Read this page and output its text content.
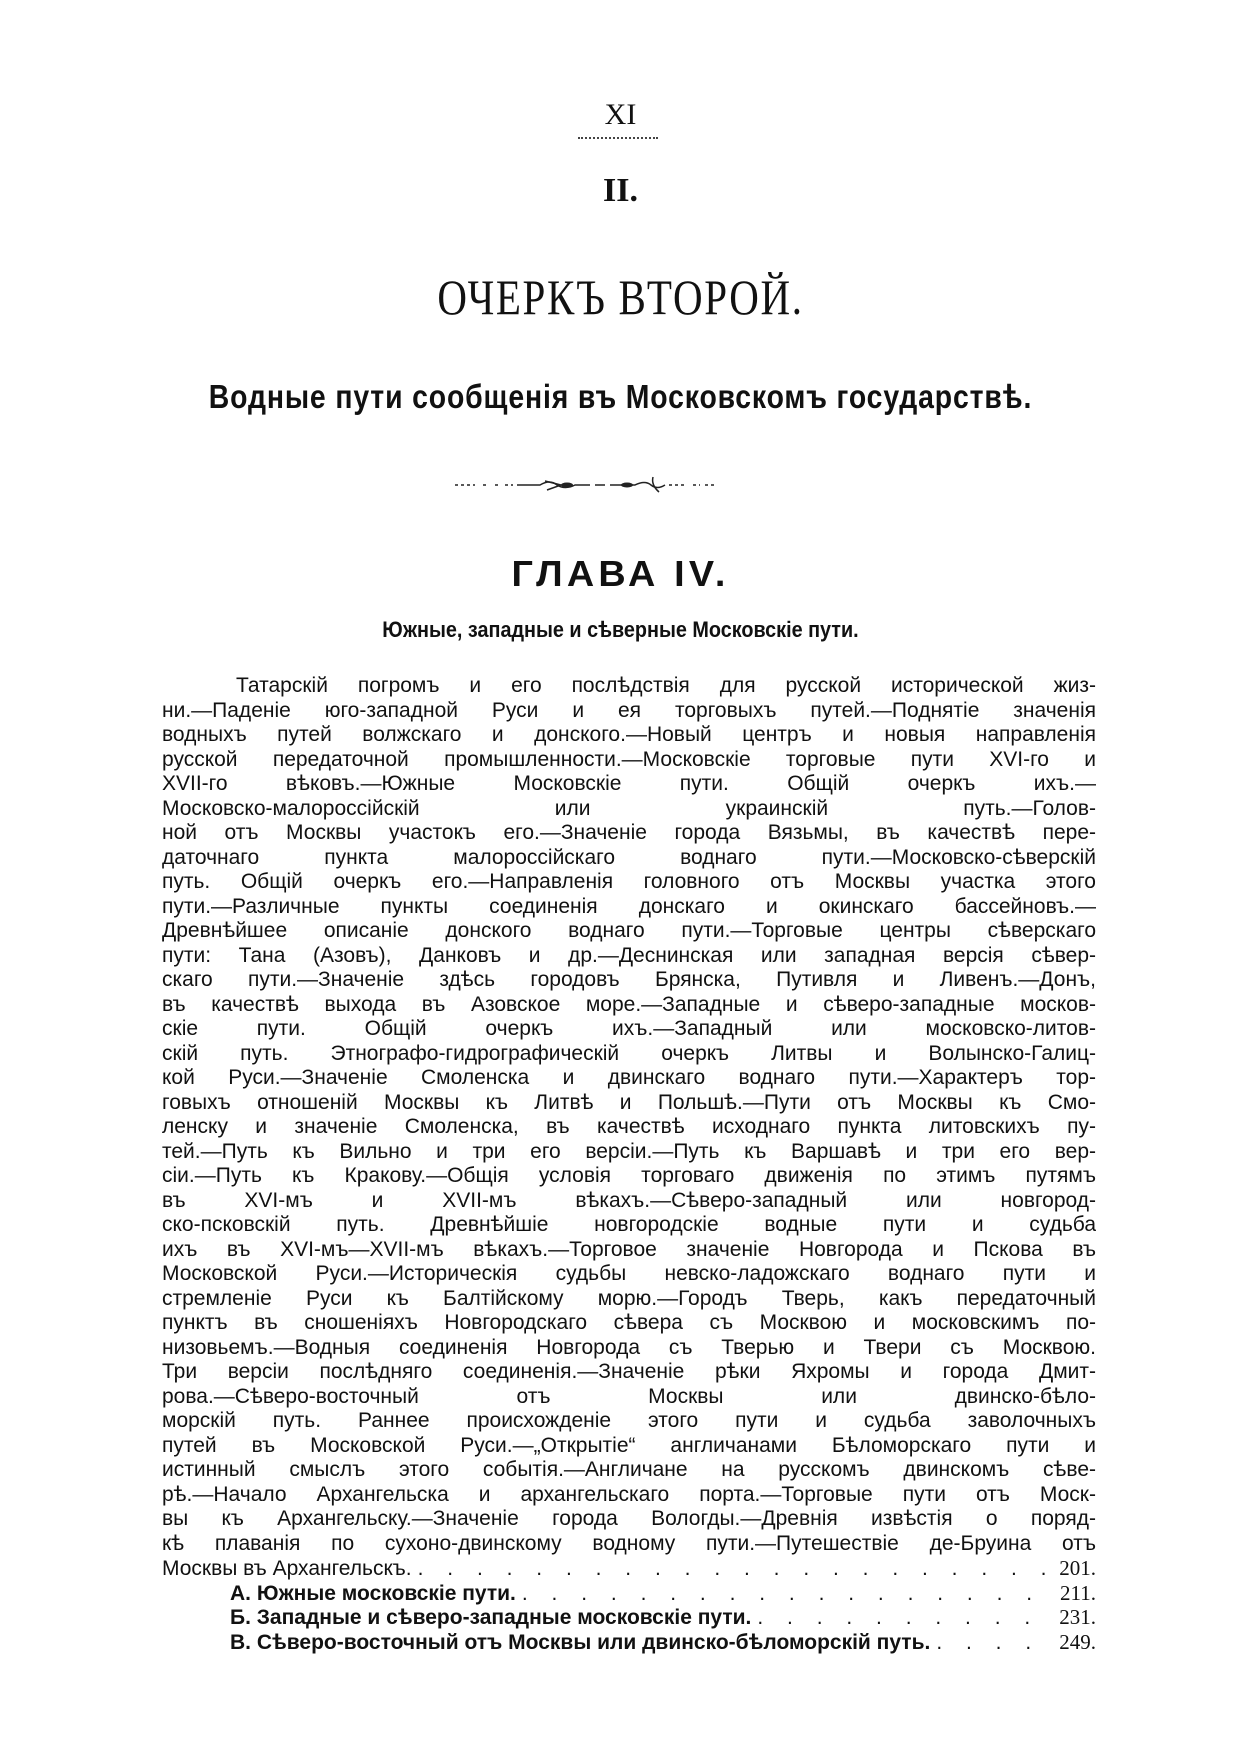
XI
II.
ОЧЕРКЪ ВТОРОЙ.
Водные пути сообщенія въ Московскомъ государствѣ.
ГЛАВА IV.
Южные, западные и сѣверные Московскіе пути.
Татарскій погромъ и его послѣдствія для русской исторической жиз-
ни.—Паденіе юго-западной Руси и ея торговыхъ путей.—Поднятіе значенія
водныхъ путей волжскаго и донского.—Новый центръ и новыя направленія
русской передаточной промышленности.—Московскіе торговые пути XVI-го и
XVII-го вѣковъ.—Южные Московскіе пути. Общій очеркъ ихъ.—
Московско-малороссійскій или украинскій путь.—Голов-
ной отъ Москвы участокъ его.—Значеніе города Вязьмы, въ качествѣ пере-
даточнаго пункта малороссійскаго воднаго пути.—Московско-сѣверскій
путь. Общій очеркъ его.—Направленія головного отъ Москвы участка этого
пути.—Различные пункты соединенія донскаго и окинскаго бассейновъ.—
Древнѣйшее описаніе донского воднаго пути.—Торговые центры сѣверскаго
пути: Тана (Азовъ), Данковъ и др.—Деснинская или западная версія сѣвер-
скаго пути.—Значеніе здѣсь городовъ Брянска, Путивля и Ливенъ.—Донъ,
въ качествѣ выхода въ Азовское море.—Западные и сѣверо-западные москов-
скіе пути. Общій очеркъ ихъ.—Западный или московско-литов-
скій путь. Этнографо-гидрографическій очеркъ Литвы и Волынско-Галиц-
кой Руси.—Значеніе Смоленска и двинскаго воднаго пути.—Характеръ тор-
говыхъ отношеній Москвы къ Литвѣ и Польшѣ.—Пути отъ Москвы къ Смо-
ленску и значеніе Смоленска, въ качествѣ исходнаго пункта литовскихъ пу-
тей.—Путь къ Вильно и три его версіи.—Путь къ Варшавѣ и три его вер-
сіи.—Путь къ Кракову.—Общія условія торговаго движенія по этимъ путямъ
въ XVI-мъ и XVII-мъ вѣкахъ.—Сѣверо-западный или новгород-
ско-псковскій путь. Древнѣйшіе новгородскіе водные пути и судьба
ихъ въ XVI-мъ—XVII-мъ вѣкахъ.—Торговое значеніе Новгорода и Пскова въ
Московской Руси.—Историческія судьбы невско-ладожскаго воднаго пути и
стремленіе Руси къ Балтійскому морю.—Городъ Тверь, какъ передаточный
пунктъ въ сношеніяхъ Новгородскаго сѣвера съ Москвою и московскимъ по-
низовьемъ.—Водныя соединенія Новгорода съ Тверью и Твери съ Москвою.
Три версіи послѣдняго соединенія.—Значеніе рѣки Яхромы и города Дмит-
рова.—Сѣверо-восточный отъ Москвы или двинско-бѣло-
морскій путь. Раннее происхожденіе этого пути и судьба заволочныхъ
путей въ Московской Руси.—„Открытіе“ англичанами Бѣломорскаго пути и
истинный смыслъ этого событія.—Англичане на русскомъ двинскомъ сѣве-
рѣ.—Начало Архангельска и архангельскаго порта.—Торговые пути отъ Моск-
вы къ Архангельску.—Значеніе города Вологды.—Древнія извѣстія о поряд-
кѣ плаванія по сухоно-двинскому водному пути.—Путешествіе де-Бруина отъ
Москвы въ Архангельскъ. . . .	201.
А. Южные московскіе пути. . . .	211.
Б. Западные и сѣверо-западные московскіе пути. . . .	231.
В. Сѣверо-восточный отъ Москвы или двинско-бѣломорскій путь. . . .	249.
